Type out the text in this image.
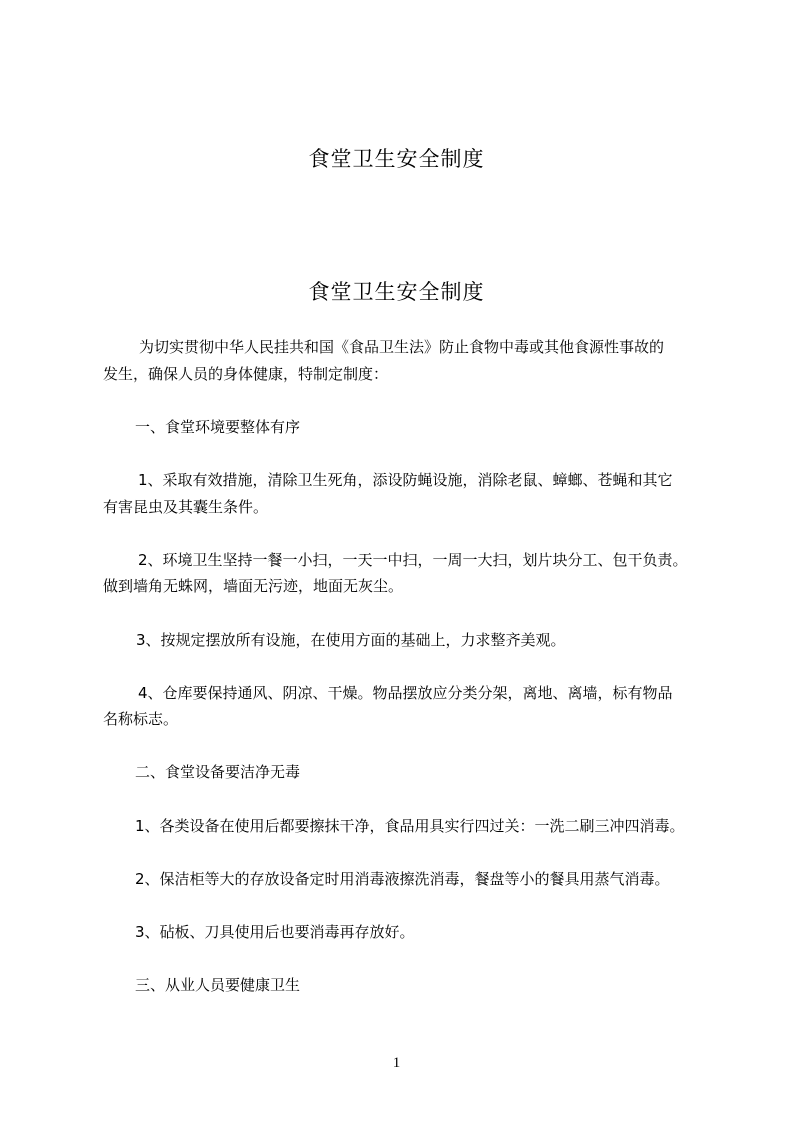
食堂卫生安全制度
食堂卫生安全制度
为切实贯彻中华人民挂共和国《食品卫生法》防止食物中毒或其他食源性事故的
发生，确保人员的身体健康，特制定制度：
一、食堂环境要整体有序
1、采取有效措施，清除卫生死角，添设防蝇设施，消除老鼠、蟑螂、苍蝇和其它
有害昆虫及其囊生条件。
2、环境卫生坚持一餐一小扫，一天一中扫，一周一大扫，划片块分工、包干负责。
做到墙角无蛛网，墙面无污迹，地面无灰尘。
3、按规定摆放所有设施，在使用方面的基础上，力求整齐美观。
4、仓库要保持通风、阴凉、干燥。物品摆放应分类分架，离地、离墙，标有物品
名称标志。
二、食堂设备要洁净无毒
1、各类设备在使用后都要擦抹干净，食品用具实行四过关：一洗二刷三冲四消毒。
2、保洁柜等大的存放设备定时用消毒液擦洗消毒，餐盘等小的餐具用蒸气消毒。
3、砧板、刀具使用后也要消毒再存放好。
三、从业人员要健康卫生
1
